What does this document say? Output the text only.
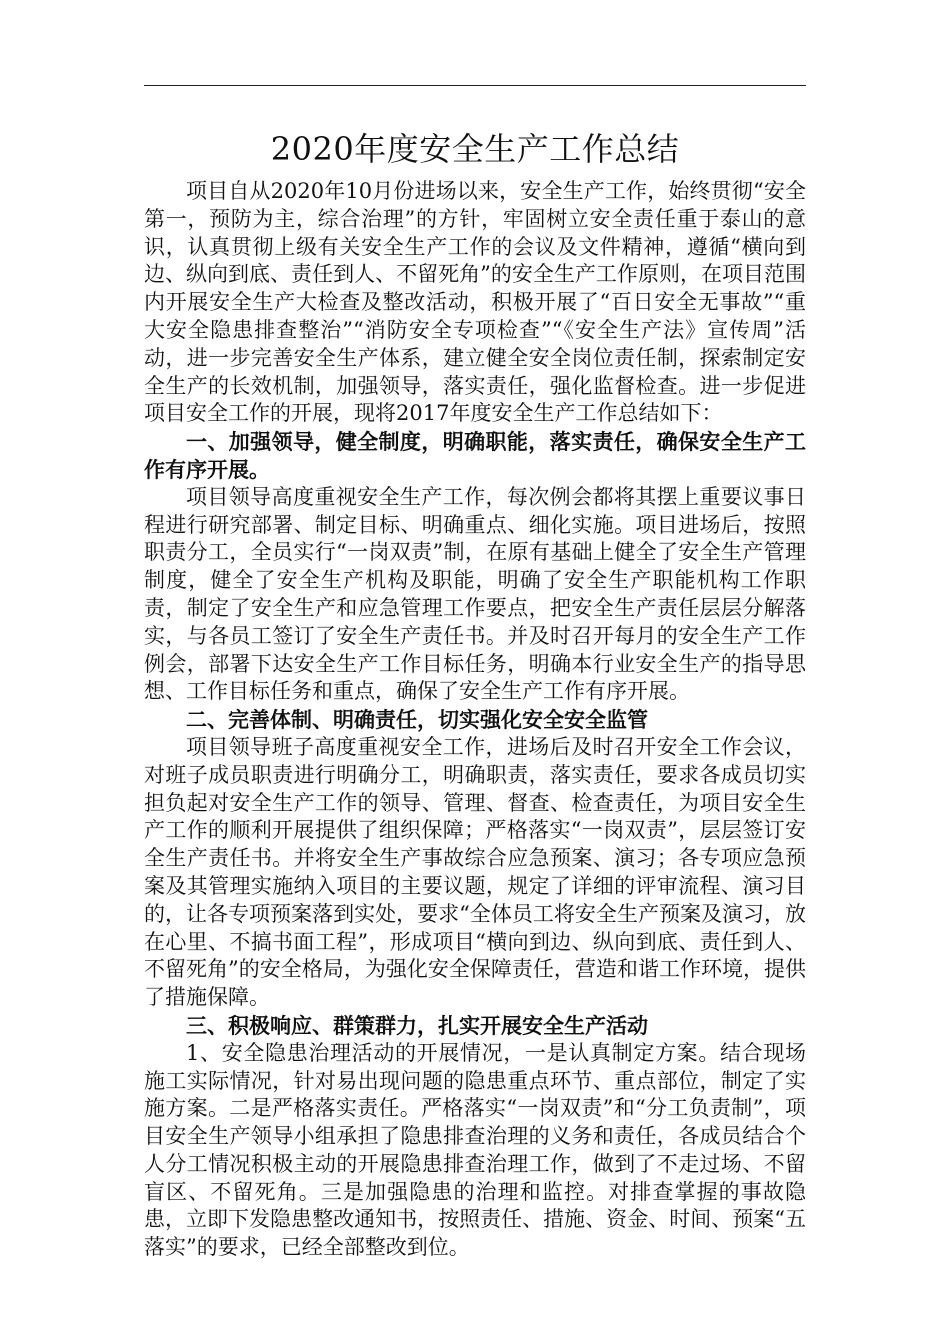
2020年度安全生产工作总结

项目自从2020年10月份进场以来，安全生产工作，始终贯彻“安全第一，预防为主，综合治理”的方针，牢固树立安全责任重于泰山的意识，认真贯彻上级有关安全生产工作的会议及文件精神，遵循“横向到边、纵向到底、责任到人、不留死角”的安全生产工作原则，在项目范围内开展安全生产大检查及整改活动，积极开展了“百日安全无事故”“重大安全隐患排查整治”“消防安全专项检查”“《安全生产法》宣传周”活动，进一步完善安全生产体系，建立健全安全岗位责任制，探索制定安全生产的长效机制，加强领导，落实责任，强化监督检查。进一步促进项目安全工作的开展，现将2017年度安全生产工作总结如下：

一、加强领导，健全制度，明确职能，落实责任，确保安全生产工作有序开展。

项目领导高度重视安全生产工作，每次例会都将其摆上重要议事日程进行研究部署、制定目标、明确重点、细化实施。项目进场后，按照职责分工，全员实行“一岗双责”制，在原有基础上健全了安全生产管理制度，健全了安全生产机构及职能，明确了安全生产职能机构工作职责，制定了安全生产和应急管理工作要点，把安全生产责任层层分解落实，与各员工签订了安全生产责任书。并及时召开每月的安全生产工作例会，部署下达安全生产工作目标任务，明确本行业安全生产的指导思想、工作目标任务和重点，确保了安全生产工作有序开展。

二、完善体制、明确责任，切实强化安全安全监管

项目领导班子高度重视安全工作，进场后及时召开安全工作会议，对班子成员职责进行明确分工，明确职责，落实责任，要求各成员切实担负起对安全生产工作的领导、管理、督查、检查责任，为项目安全生产工作的顺利开展提供了组织保障；严格落实“一岗双责”，层层签订安全生产责任书。并将安全生产事故综合应急预案、演习；各专项应急预案及其管理实施纳入项目的主要议题，规定了详细的评审流程、演习目的，让各专项预案落到实处，要求“全体员工将安全生产预案及演习，放在心里、不搞书面工程”，形成项目“横向到边、纵向到底、责任到人、不留死角”的安全格局，为强化安全保障责任，营造和谐工作环境，提供了措施保障。

三、积极响应、群策群力，扎实开展安全生产活动

1、安全隐患治理活动的开展情况，一是认真制定方案。结合现场施工实际情况，针对易出现问题的隐患重点环节、重点部位，制定了实施方案。二是严格落实责任。严格落实“一岗双责”和“分工负责制”，项目安全生产领导小组承担了隐患排查治理的义务和责任，各成员结合个人分工情况积极主动的开展隐患排查治理工作，做到了不走过场、不留盲区、不留死角。三是加强隐患的治理和监控。对排查掌握的事故隐患，立即下发隐患整改通知书，按照责任、措施、资金、时间、预案“五落实”的要求，已经全部整改到位。
